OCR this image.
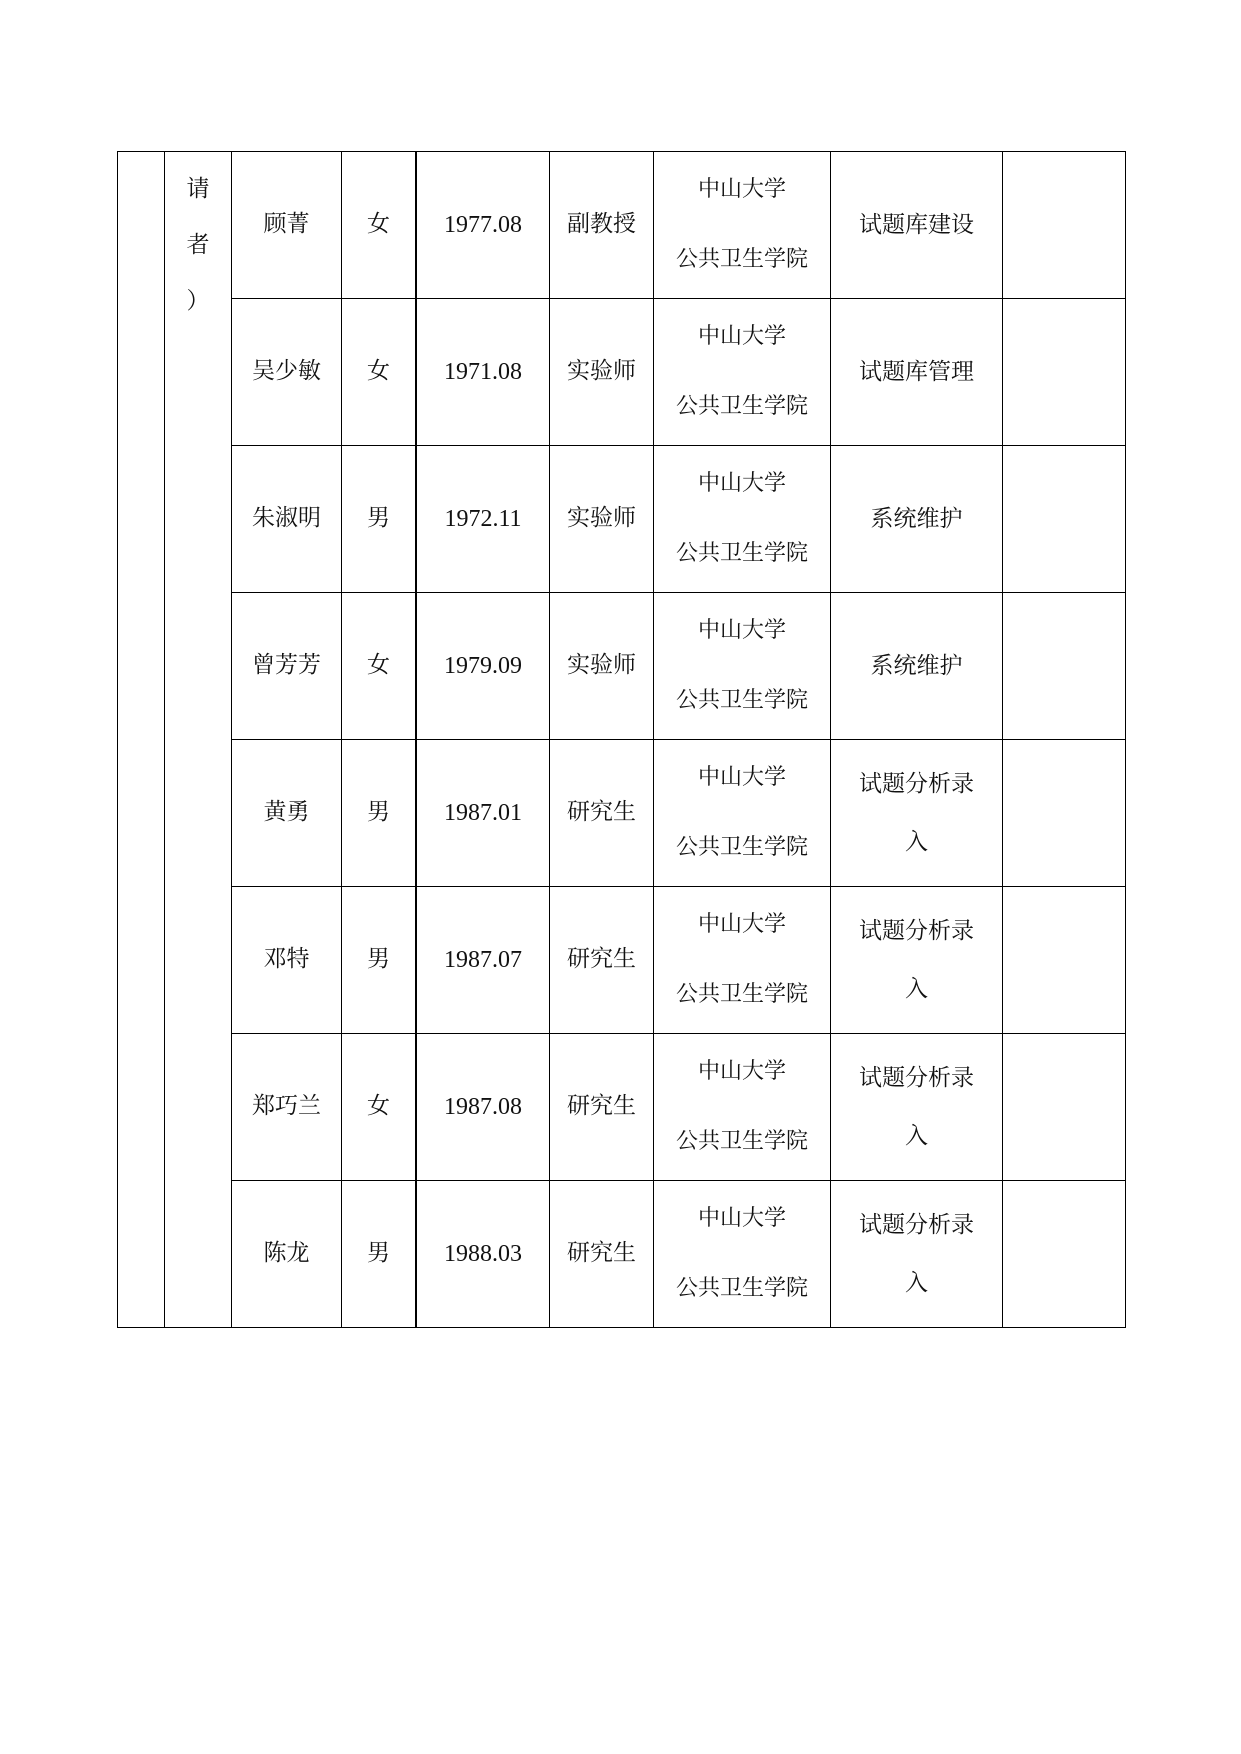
	请
者
）	顾菁	女	1977.08	副教授	中山大学
公共卫生学院	试题库建设	

		吴少敏	女	1971.08	实验师	中山大学
公共卫生学院	试题库管理	

		朱淑明	男	1972.11	实验师	中山大学
公共卫生学院	系统维护	

		曾芳芳	女	1979.09	实验师	中山大学
公共卫生学院	系统维护	

		黄勇	男	1987.01	研究生	中山大学
公共卫生学院	试题分析录
入	

		邓特	男	1987.07	研究生	中山大学
公共卫生学院	试题分析录
入	

		郑巧兰	女	1987.08	研究生	中山大学
公共卫生学院	试题分析录
入	

		陈龙	男	1988.03	研究生	中山大学
公共卫生学院	试题分析录
入	
